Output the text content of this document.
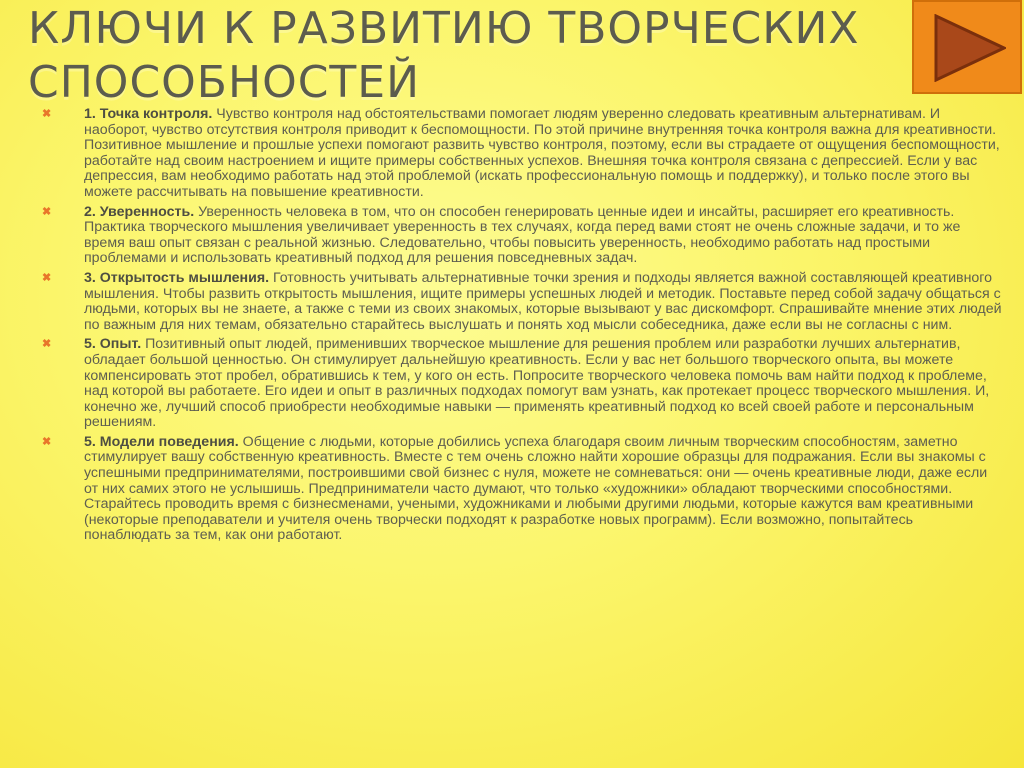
КЛЮЧИ К РАЗВИТИЮ ТВОРЧЕСКИХ
СПОСОБНОСТЕЙ
✖ 1. Точка контроля. Чувство контроля над обстоятельствами помогает людям уверенно следовать креативным альтернативам. И наоборот, чувство отсутствия контроля приводит к беспомощности. По этой причине внутренняя точка контроля важна для креативности. Позитивное мышление и прошлые успехи помогают развить чувство контроля, поэтому, если вы страдаете от ощущения беспомощности, работайте над своим настроением и ищите примеры собственных успехов. Внешняя точка контроля связана с депрессией. Если у вас депрессия, вам необходимо работать над этой проблемой (искать профессиональную помощь и поддержку), и только после этого вы можете рассчитывать на повышение креативности.
✖ 2. Уверенность. Уверенность человека в том, что он способен генерировать ценные идеи и инсайты, расширяет его креативность. Практика творческого мышления увеличивает уверенность в тех случаях, когда перед вами стоят не очень сложные задачи, и то же время ваш опыт связан с реальной жизнью. Следовательно, чтобы повысить уверенность, необходимо работать над простыми проблемами и использовать креативный подход для решения повседневных задач.
✖ 3. Открытость мышления. Готовность учитывать альтернативные точки зрения и подходы является важной составляющей креативного мышления. Чтобы развить открытость мышления, ищите примеры успешных людей и методик. Поставьте перед собой задачу общаться с людьми, которых вы не знаете, а также с теми из своих знакомых, которые вызывают у вас дискомфорт. Спрашивайте мнение этих людей по важным для них темам, обязательно старайтесь выслушать и понять ход мысли собеседника, даже если вы не согласны с ним.
✖ 5. Опыт. Позитивный опыт людей, применивших творческое мышление для решения проблем или разработки лучших альтернатив, обладает большой ценностью. Он стимулирует дальнейшую креативность. Если у вас нет большого творческого опыта, вы можете компенсировать этот пробел, обратившись к тем, у кого он есть. Попросите творческого человека помочь вам найти подход к проблеме, над которой вы работаете. Его идеи и опыт в различных подходах помогут вам узнать, как протекает процесс творческого мышления. И, конечно же, лучший способ приобрести необходимые навыки — применять креативный подход ко всей своей работе и персональным решениям.
✖ 5. Модели поведения. Общение с людьми, которые добились успеха благодаря своим личным творческим способностям, заметно стимулирует вашу собственную креативность. Вместе с тем очень сложно найти хорошие образцы для подражания. Если вы знакомы с успешными предпринимателями, построившими свой бизнес с нуля, можете не сомневаться: они — очень креативные люди, даже если от них самих этого не услышишь. Предприниматели часто думают, что только «художники» обладают творческими способностями. Старайтесь проводить время с бизнесменами, учеными, художниками и любыми другими людьми, которые кажутся вам креативными (некоторые преподаватели и учителя очень творчески подходят к разработке новых программ). Если возможно, попытайтесь понаблюдать за тем, как они работают.
